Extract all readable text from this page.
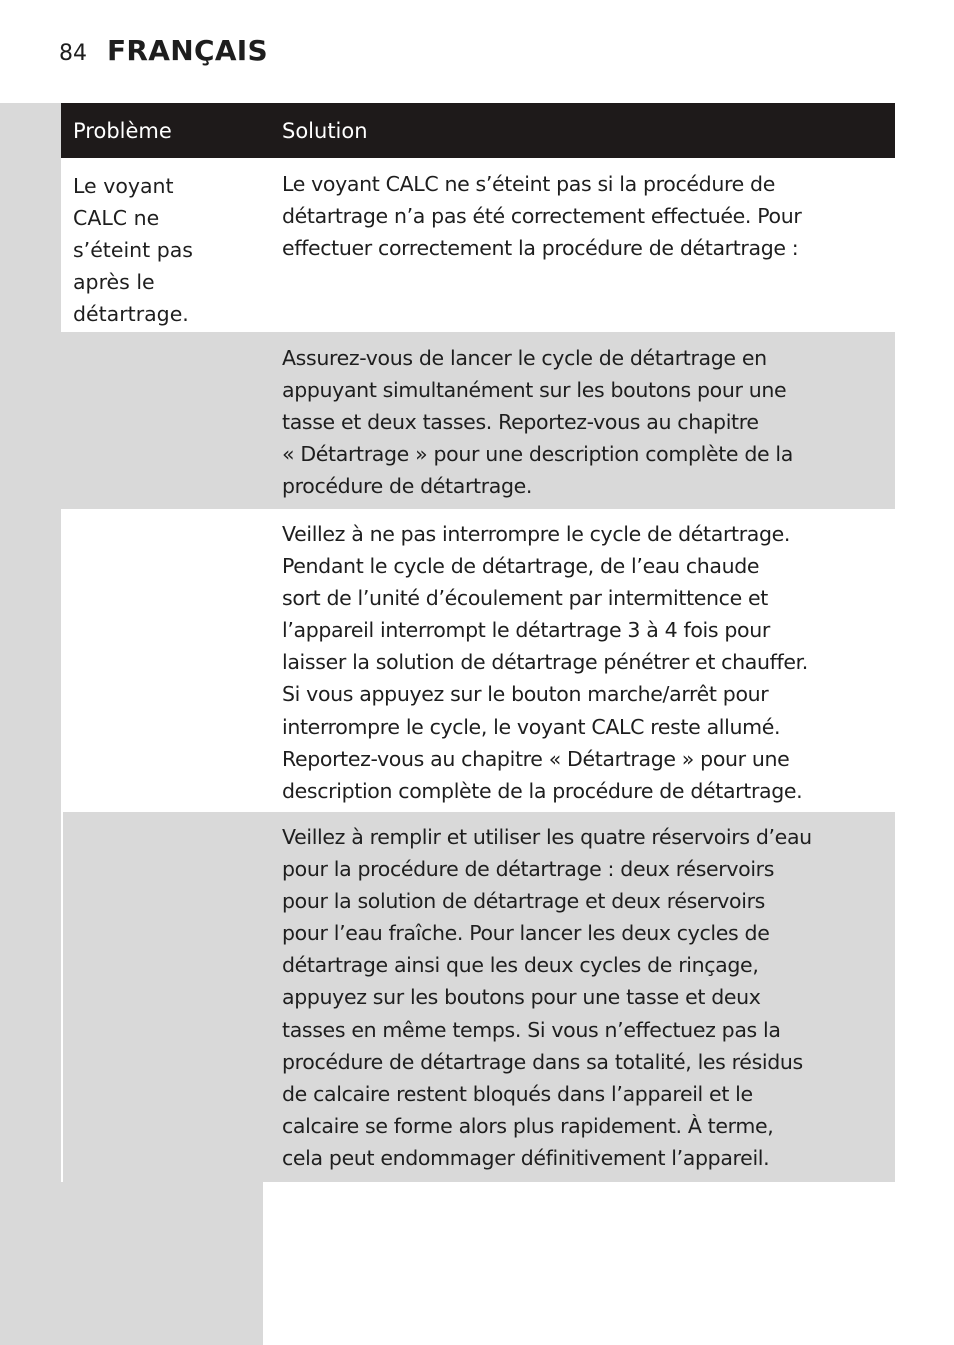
84 FRANÇAIS
Problème	Solution
Le voyant
CALC ne
s’éteint pas
après le
détartrage.
Le voyant CALC ne s’éteint pas si la procédure de
détartrage n’a pas été correctement effectuée. Pour
effectuer correctement la procédure de détartrage :
Assurez-vous de lancer le cycle de détartrage en
appuyant simultanément sur les boutons pour une
tasse et deux tasses. Reportez-vous au chapitre
« Détartrage » pour une description complète de la
procédure de détartrage.
Veillez à ne pas interrompre le cycle de détartrage.
Pendant le cycle de détartrage, de l’eau chaude
sort de l’unité d’écoulement par intermittence et
l’appareil interrompt le détartrage 3 à 4 fois pour
laisser la solution de détartrage pénétrer et chauffer.
Si vous appuyez sur le bouton marche/arrêt pour
interrompre le cycle, le voyant CALC reste allumé.
Reportez-vous au chapitre « Détartrage » pour une
description complète de la procédure de détartrage.
Veillez à remplir et utiliser les quatre réservoirs d’eau
pour la procédure de détartrage : deux réservoirs
pour la solution de détartrage et deux réservoirs
pour l’eau fraîche. Pour lancer les deux cycles de
détartrage ainsi que les deux cycles de rinçage,
appuyez sur les boutons pour une tasse et deux
tasses en même temps. Si vous n’effectuez pas la
procédure de détartrage dans sa totalité, les résidus
de calcaire restent bloqués dans l’appareil et le
calcaire se forme alors plus rapidement. À terme,
cela peut endommager définitivement l’appareil.
